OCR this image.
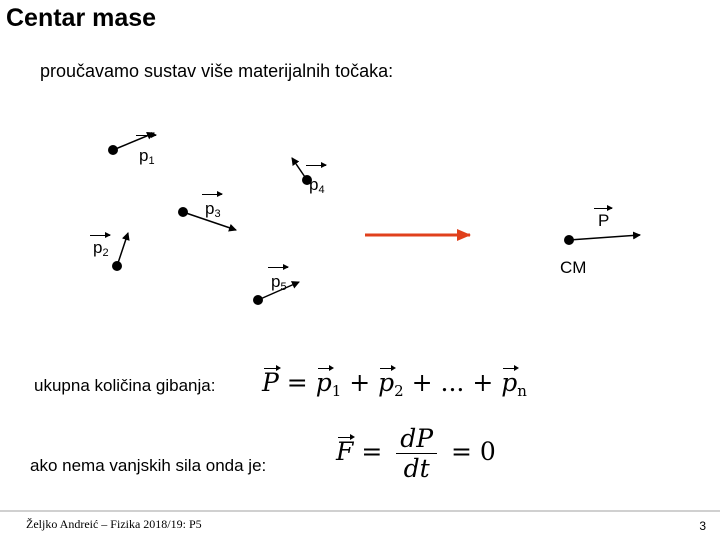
Centar mase
proučavamo sustav više materijalnih točaka:
$p_1$
$p_4$
$p_3$
$p_2$
$p_5$
P
CM
ukupna količina gibanja: $P = p_1 + p_2$ + ... + $p_n$
ako nema vanjskih sila onda je:	$F = \frac{dP}{dt} = 0$
Željko Andreić – Fizika 2018/19: P5	3
